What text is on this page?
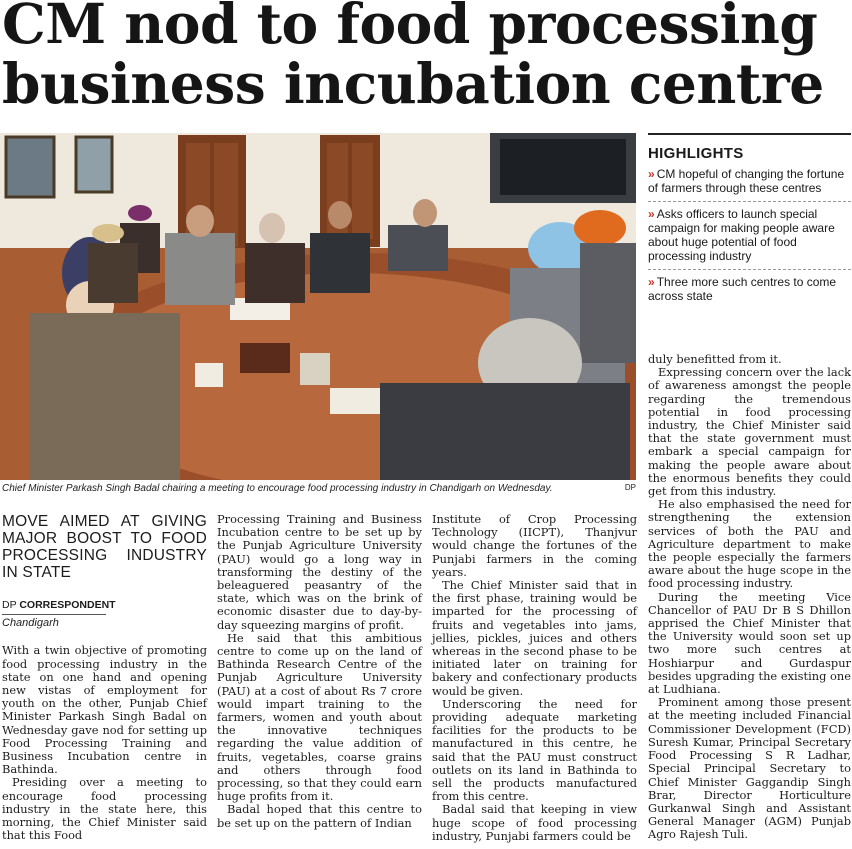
CM nod to food processing business incubation centre
Chief Minister Parkash Singh Badal chairing a meeting to encourage food processing industry in Chandigarh on Wednesday.	DP
HIGHLIGHTS
» CM hopeful of changing the fortune of farmers through these centres
» Asks officers to launch special campaign for making people aware about huge potential of food processing industry
» Three more such centres to come across state
MOVE AIMED AT GIVING MAJOR BOOST TO FOOD PROCESSING INDUSTRY IN STATE
DP CORRESPONDENT
Chandigarh

With a twin objective of promoting food processing industry in the state on one hand and opening new vistas of employment for youth on the other, Punjab Chief Minister Parkash Singh Badal on Wednesday gave nod for setting up Food Processing Training and Business Incubation centre in Bathinda.

Presiding over a meeting to encourage food processing industry in the state here, this morning, the Chief Minister said that this Food

Processing Training and Business Incubation centre to be set up by the Punjab Agriculture University (PAU) would go a long way in transforming the destiny of the beleaguered peasantry of the state, which was on the brink of economic disaster due to day-by-day squeezing margins of profit.

He said that this ambitious centre to come up on the land of Bathinda Research Centre of the Punjab Agriculture University (PAU) at a cost of about Rs 7 crore would impart training to the farmers, women and youth about the innovative techniques regarding the value addition of fruits, vegetables, coarse grains and others through food processing, so that they could earn huge profits from it.

Badal hoped that this centre to be set up on the pattern of Indian

Institute of Crop Processing Technology (IICPT), Thanjvur would change the fortunes of the Punjabi farmers in the coming years.

The Chief Minister said that in the first phase, training would be imparted for the processing of fruits and vegetables into jams, jellies, pickles, juices and others whereas in the second phase to be initiated later on training for bakery and confectionary products would be given.

Underscoring the need for providing adequate marketing facilities for the products to be manufactured in this centre, he said that the PAU must construct outlets on its land in Bathinda to sell the products manufactured from this centre.

Badal said that keeping in view huge scope of food processing industry, Punjabi farmers could be

duly benefitted from it.

Expressing concern over the lack of awareness amongst the people regarding the tremendous potential in food processing industry, the Chief Minister said that the state government must embark a special campaign for making the people aware about the enormous benefits they could get from this industry.

He also emphasised the need for strengthening the extension services of both the PAU and Agriculture department to make the people especially the farmers aware about the huge scope in the food processing industry.

During the meeting Vice Chancellor of PAU Dr B S Dhillon apprised the Chief Minister that the University would soon set up two more such centres at Hoshiarpur and Gurdaspur besides upgrading the existing one at Ludhiana.

Prominent among those present at the meeting included Financial Commissioner Development (FCD) Suresh Kumar, Principal Secretary Food Processing S R Ladhar, Special Principal Secretary to Chief Minister Gaggandip Singh Brar, Director Horticulture Gurkanwal Singh and Assistant General Manager (AGM) Punjab Agro Rajesh Tuli.
